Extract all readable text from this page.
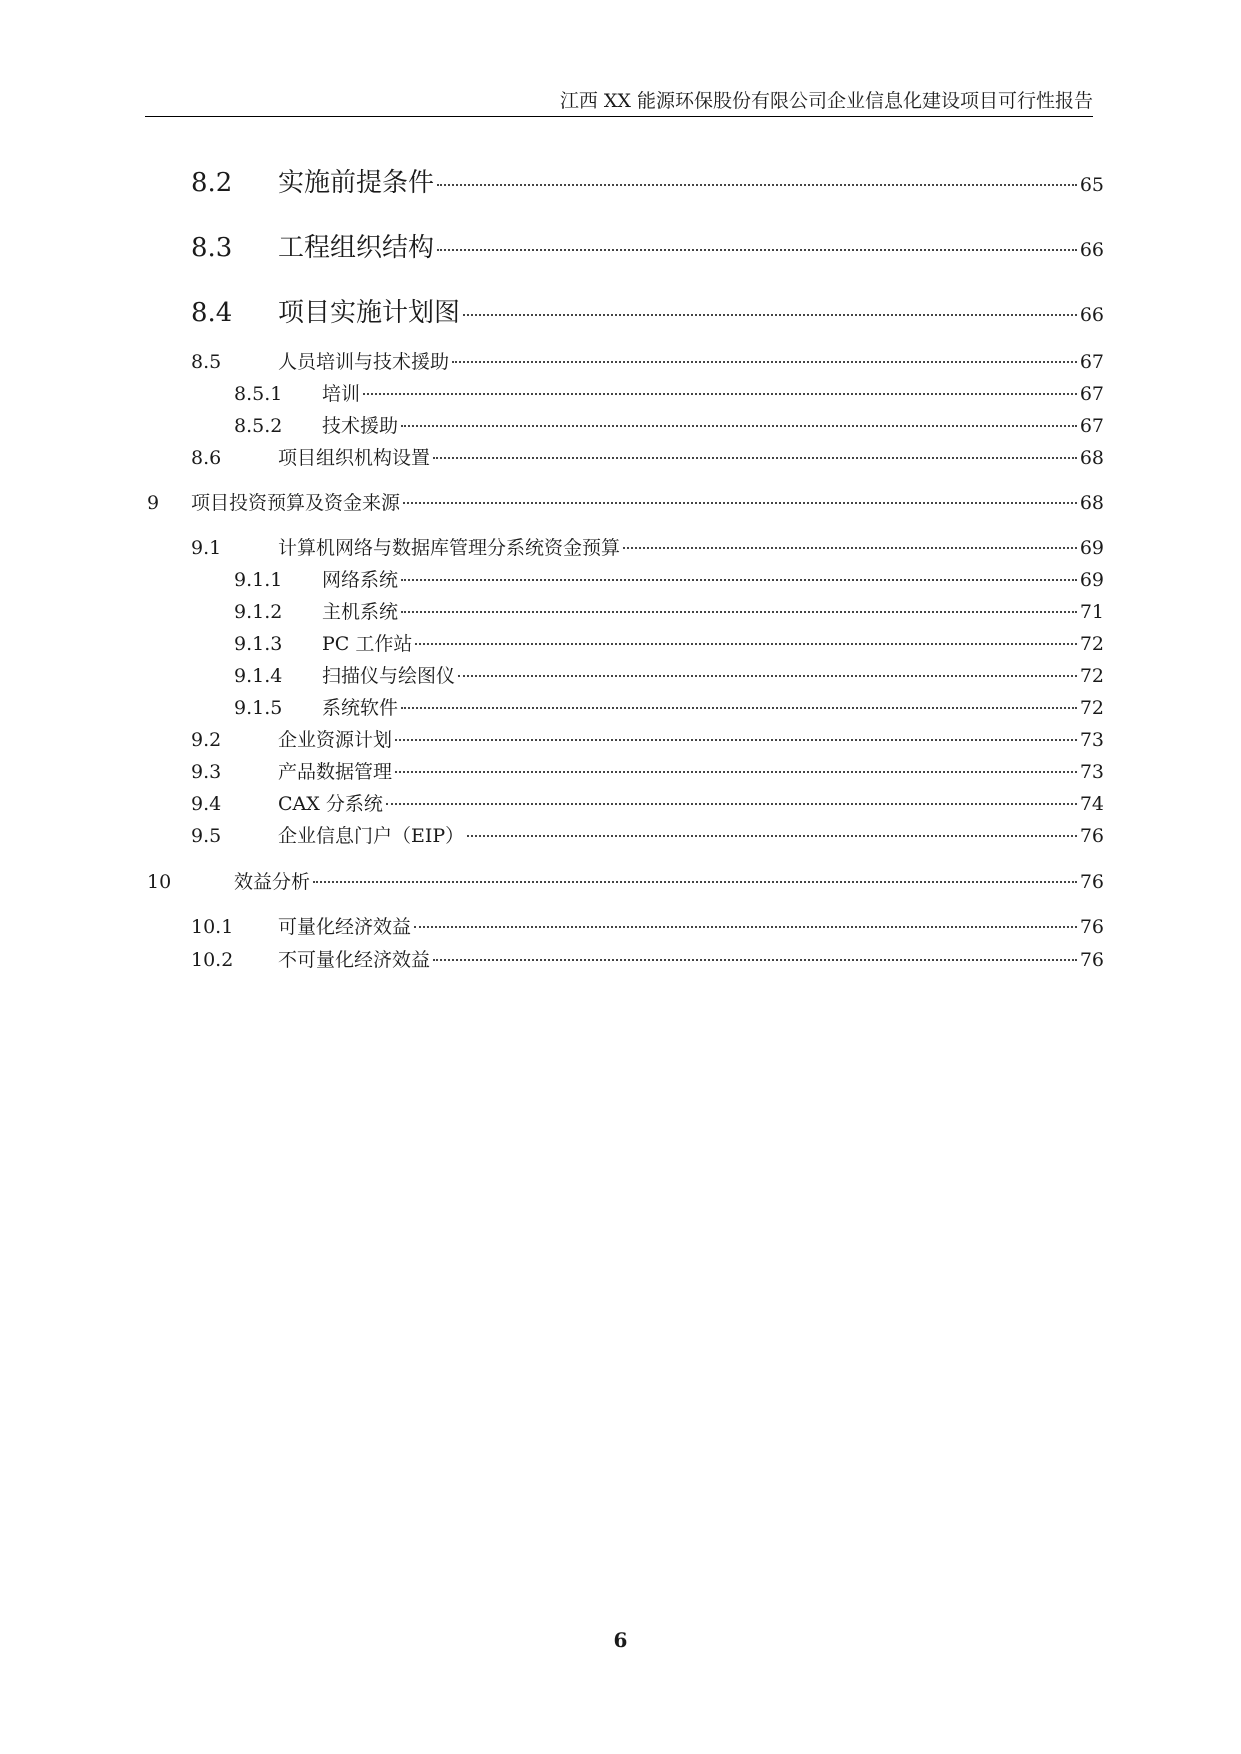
江西 XX 能源环保股份有限公司企业信息化建设项目可行性报告
8.2 实施前提条件	65
8.3 工程组织结构	66
8.4 项目实施计划图	66
8.5	人员培训与技术援助	67
8.5.1 培训	67
8.5.2 技术援助	67
8.6	项目组织机构设置	68
9 项目投资预算及资金来源	68
9.1	计算机网络与数据库管理分系统资金预算	69
9.1.1 网络系统	69
9.1.2 主机系统	71
9.1.3 PC 工作站	72
9.1.4 扫描仪与绘图仪	72
9.1.5 系统软件	72
9.2	企业资源计划	73
9.3	产品数据管理	73
9.4	CAX 分系统	74
9.5	企业信息门户（EIP）	76
10	效益分析	76
10.1 可量化经济效益	76
10.2 不可量化经济效益	76
6
